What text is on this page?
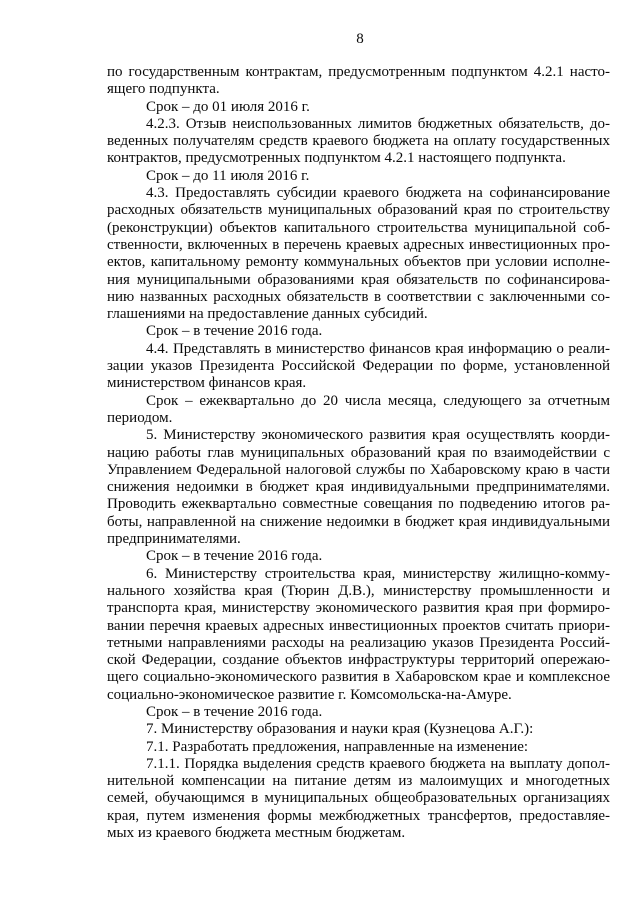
8
по государственным контрактам, предусмотренным подпунктом 4.2.1 насто-
ящего подпункта.
Срок – до 01 июля 2016 г.
4.2.3. Отзыв неиспользованных лимитов бюджетных обязательств, до-
веденных получателям средств краевого бюджета на оплату государственных
контрактов, предусмотренных подпунктом 4.2.1 настоящего подпункта.
Срок – до 11 июля 2016 г.
4.3. Предоставлять субсидии краевого бюджета на софинансирование
расходных обязательств муниципальных образований края по строительству
(реконструкции) объектов капитального строительства муниципальной соб-
ственности, включенных в перечень краевых адресных инвестиционных про-
ектов, капитальному ремонту коммунальных объектов при условии исполне-
ния муниципальными образованиями края обязательств по софинансирова-
нию названных расходных обязательств в соответствии с заключенными со-
глашениями на предоставление данных субсидий.
Срок – в течение 2016 года.
4.4. Представлять в министерство финансов края информацию о реали-
зации указов Президента Российской Федерации по форме, установленной
министерством финансов края.
Срок – ежеквартально до 20 числа месяца, следующего за отчетным
периодом.
5. Министерству экономического развития края осуществлять коорди-
нацию работы глав муниципальных образований края по взаимодействии с
Управлением Федеральной налоговой службы по Хабаровскому краю в части
снижения недоимки в бюджет края индивидуальными предпринимателями.
Проводить ежеквартально совместные совещания по подведению итогов ра-
боты, направленной на снижение недоимки в бюджет края индивидуальными
предпринимателями.
Срок – в течение 2016 года.
6. Министерству строительства края, министерству жилищно-комму-
нального хозяйства края (Тюрин Д.В.), министерству промышленности и
транспорта края, министерству экономического развития края при формиро-
вании перечня краевых адресных инвестиционных проектов считать приори-
тетными направлениями расходы на реализацию указов Президента Россий-
ской Федерации, создание объектов инфраструктуры территорий опережаю-
щего социально-экономического развития в Хабаровском крае и комплексное
социально-экономическое развитие г. Комсомольска-на-Амуре.
Срок – в течение 2016 года.
7. Министерству образования и науки края (Кузнецова А.Г.):
7.1. Разработать предложения, направленные на изменение:
7.1.1. Порядка выделения средств краевого бюджета на выплату допол-
нительной компенсации на питание детям из малоимущих и многодетных
семей, обучающимся в муниципальных общеобразовательных организациях
края, путем изменения формы межбюджетных трансфертов, предоставляе-
мых из краевого бюджета местным бюджетам.
